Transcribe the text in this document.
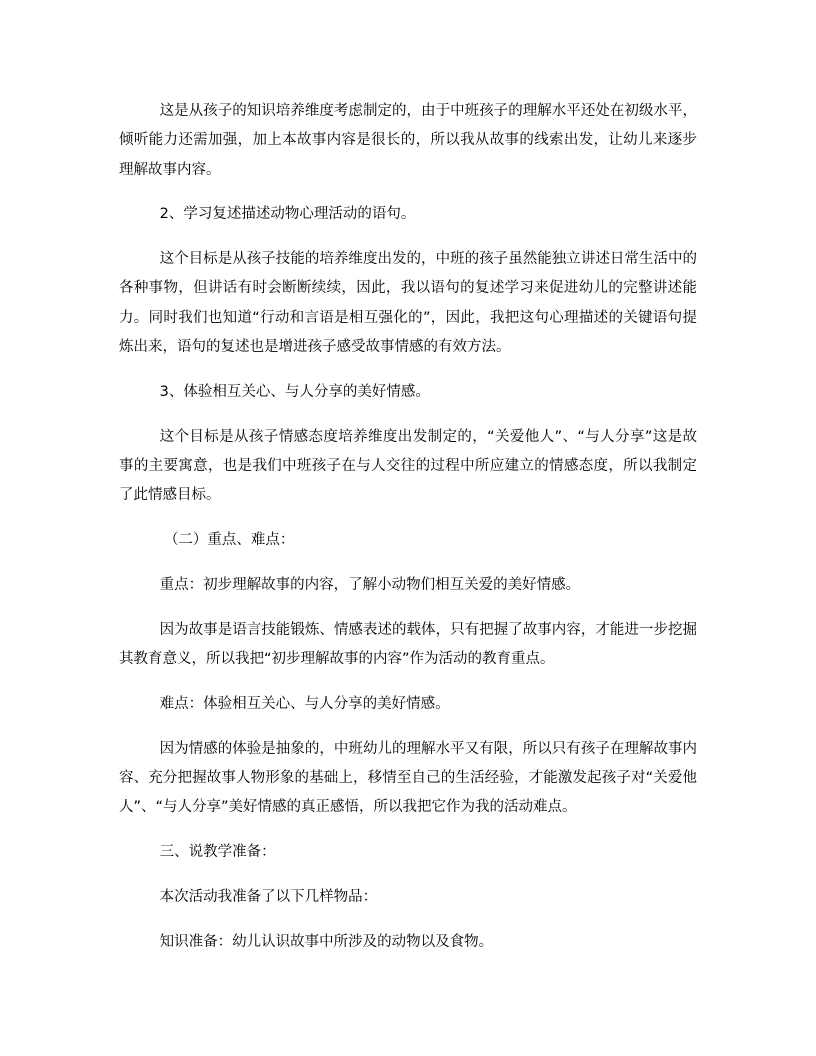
这是从孩子的知识培养维度考虑制定的，由于中班孩子的理解水平还处在初级水平，倾听能力还需加强，加上本故事内容是很长的，所以我从故事的线索出发，让幼儿来逐步理解故事内容。

2、学习复述描述动物心理活动的语句。

这个目标是从孩子技能的培养维度出发的，中班的孩子虽然能独立讲述日常生活中的各种事物，但讲话有时会断断续续，因此，我以语句的复述学习来促进幼儿的完整讲述能力。同时我们也知道“行动和言语是相互强化的”，因此，我把这句心理描述的关键语句提炼出来，语句的复述也是增进孩子感受故事情感的有效方法。

3、体验相互关心、与人分享的美好情感。

这个目标是从孩子情感态度培养维度出发制定的，“关爱他人”、“与人分享”这是故事的主要寓意，也是我们中班孩子在与人交往的过程中所应建立的情感态度，所以我制定了此情感目标。

（二）重点、难点：

重点：初步理解故事的内容，了解小动物们相互关爱的美好情感。

因为故事是语言技能锻炼、情感表述的载体，只有把握了故事内容，才能进一步挖掘其教育意义，所以我把“初步理解故事的内容”作为活动的教育重点。

难点：体验相互关心、与人分享的美好情感。

因为情感的体验是抽象的，中班幼儿的理解水平又有限，所以只有孩子在理解故事内容、充分把握故事人物形象的基础上，移情至自己的生活经验，才能激发起孩子对“关爱他人”、“与人分享”美好情感的真正感悟，所以我把它作为我的活动难点。

三、说教学准备：

本次活动我准备了以下几样物品：

知识准备：幼儿认识故事中所涉及的动物以及食物。
